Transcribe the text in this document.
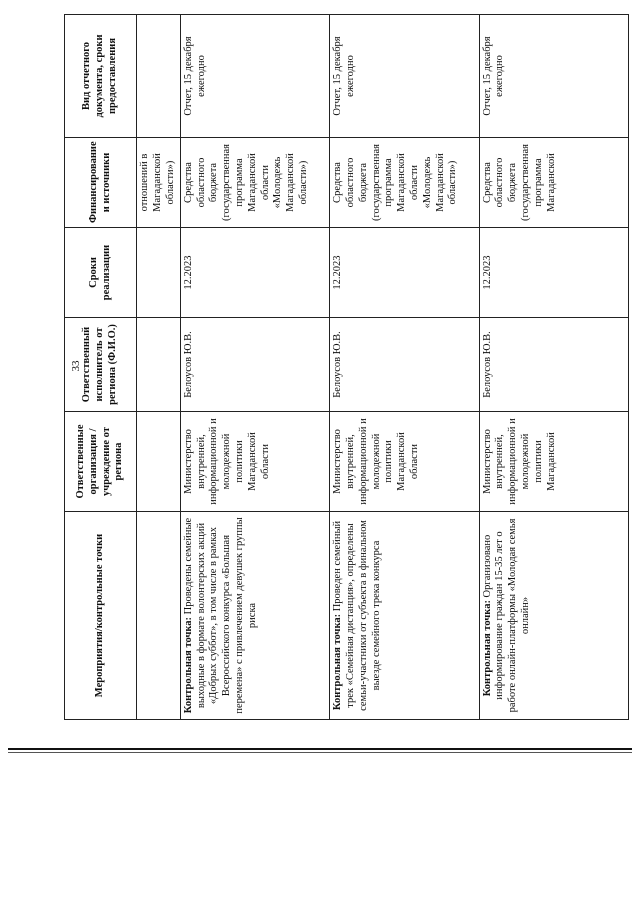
33
Мероприятия/контрольные точки	Ответственные организация / учреждение от региона	Ответственный исполнитель от региона (Ф.И.О.)	Сроки реализации	Финансирование и источники	Вид отчетного документа, сроки предоставления
				отношений в Магаданской области»)	
Контрольная точка: Проведены семейные выходные в формате волонтерских акций «Добрых суббот», в том числе в рамках Всероссийского конкурса «Большая перемена» с привлечением девушек группы риска	Министерство внутренней, информационной и молодежной политики Магаданской области	Белоусов Ю.В.	12.2023	Средства областного бюджета (государственная программа Магаданской области «Молодежь Магаданской области»)	Отчет, 15 декабря ежегодно
Контрольная точка: Проведен семейный трек «Семейная дистанция», определены семьи-участники от субъекта в финальном выезде семейного трека конкурса	Министерство внутренней, информационной и молодежной политики Магаданской области	Белоусов Ю.В.	12.2023	Средства областного бюджета (государственная программа Магаданской области «Молодежь Магаданской области»)	Отчет, 15 декабря ежегодно
Контрольная точка: Организовано информирование граждан 15-35 лет о работе онлайн-платформы «Молодая семья онлайн»	Министерство внутренней, информационной и молодежной политики Магаданской	Белоусов Ю.В.	12.2023	Средства областного бюджета (государственная программа Магаданской	Отчет, 15 декабря ежегодно
